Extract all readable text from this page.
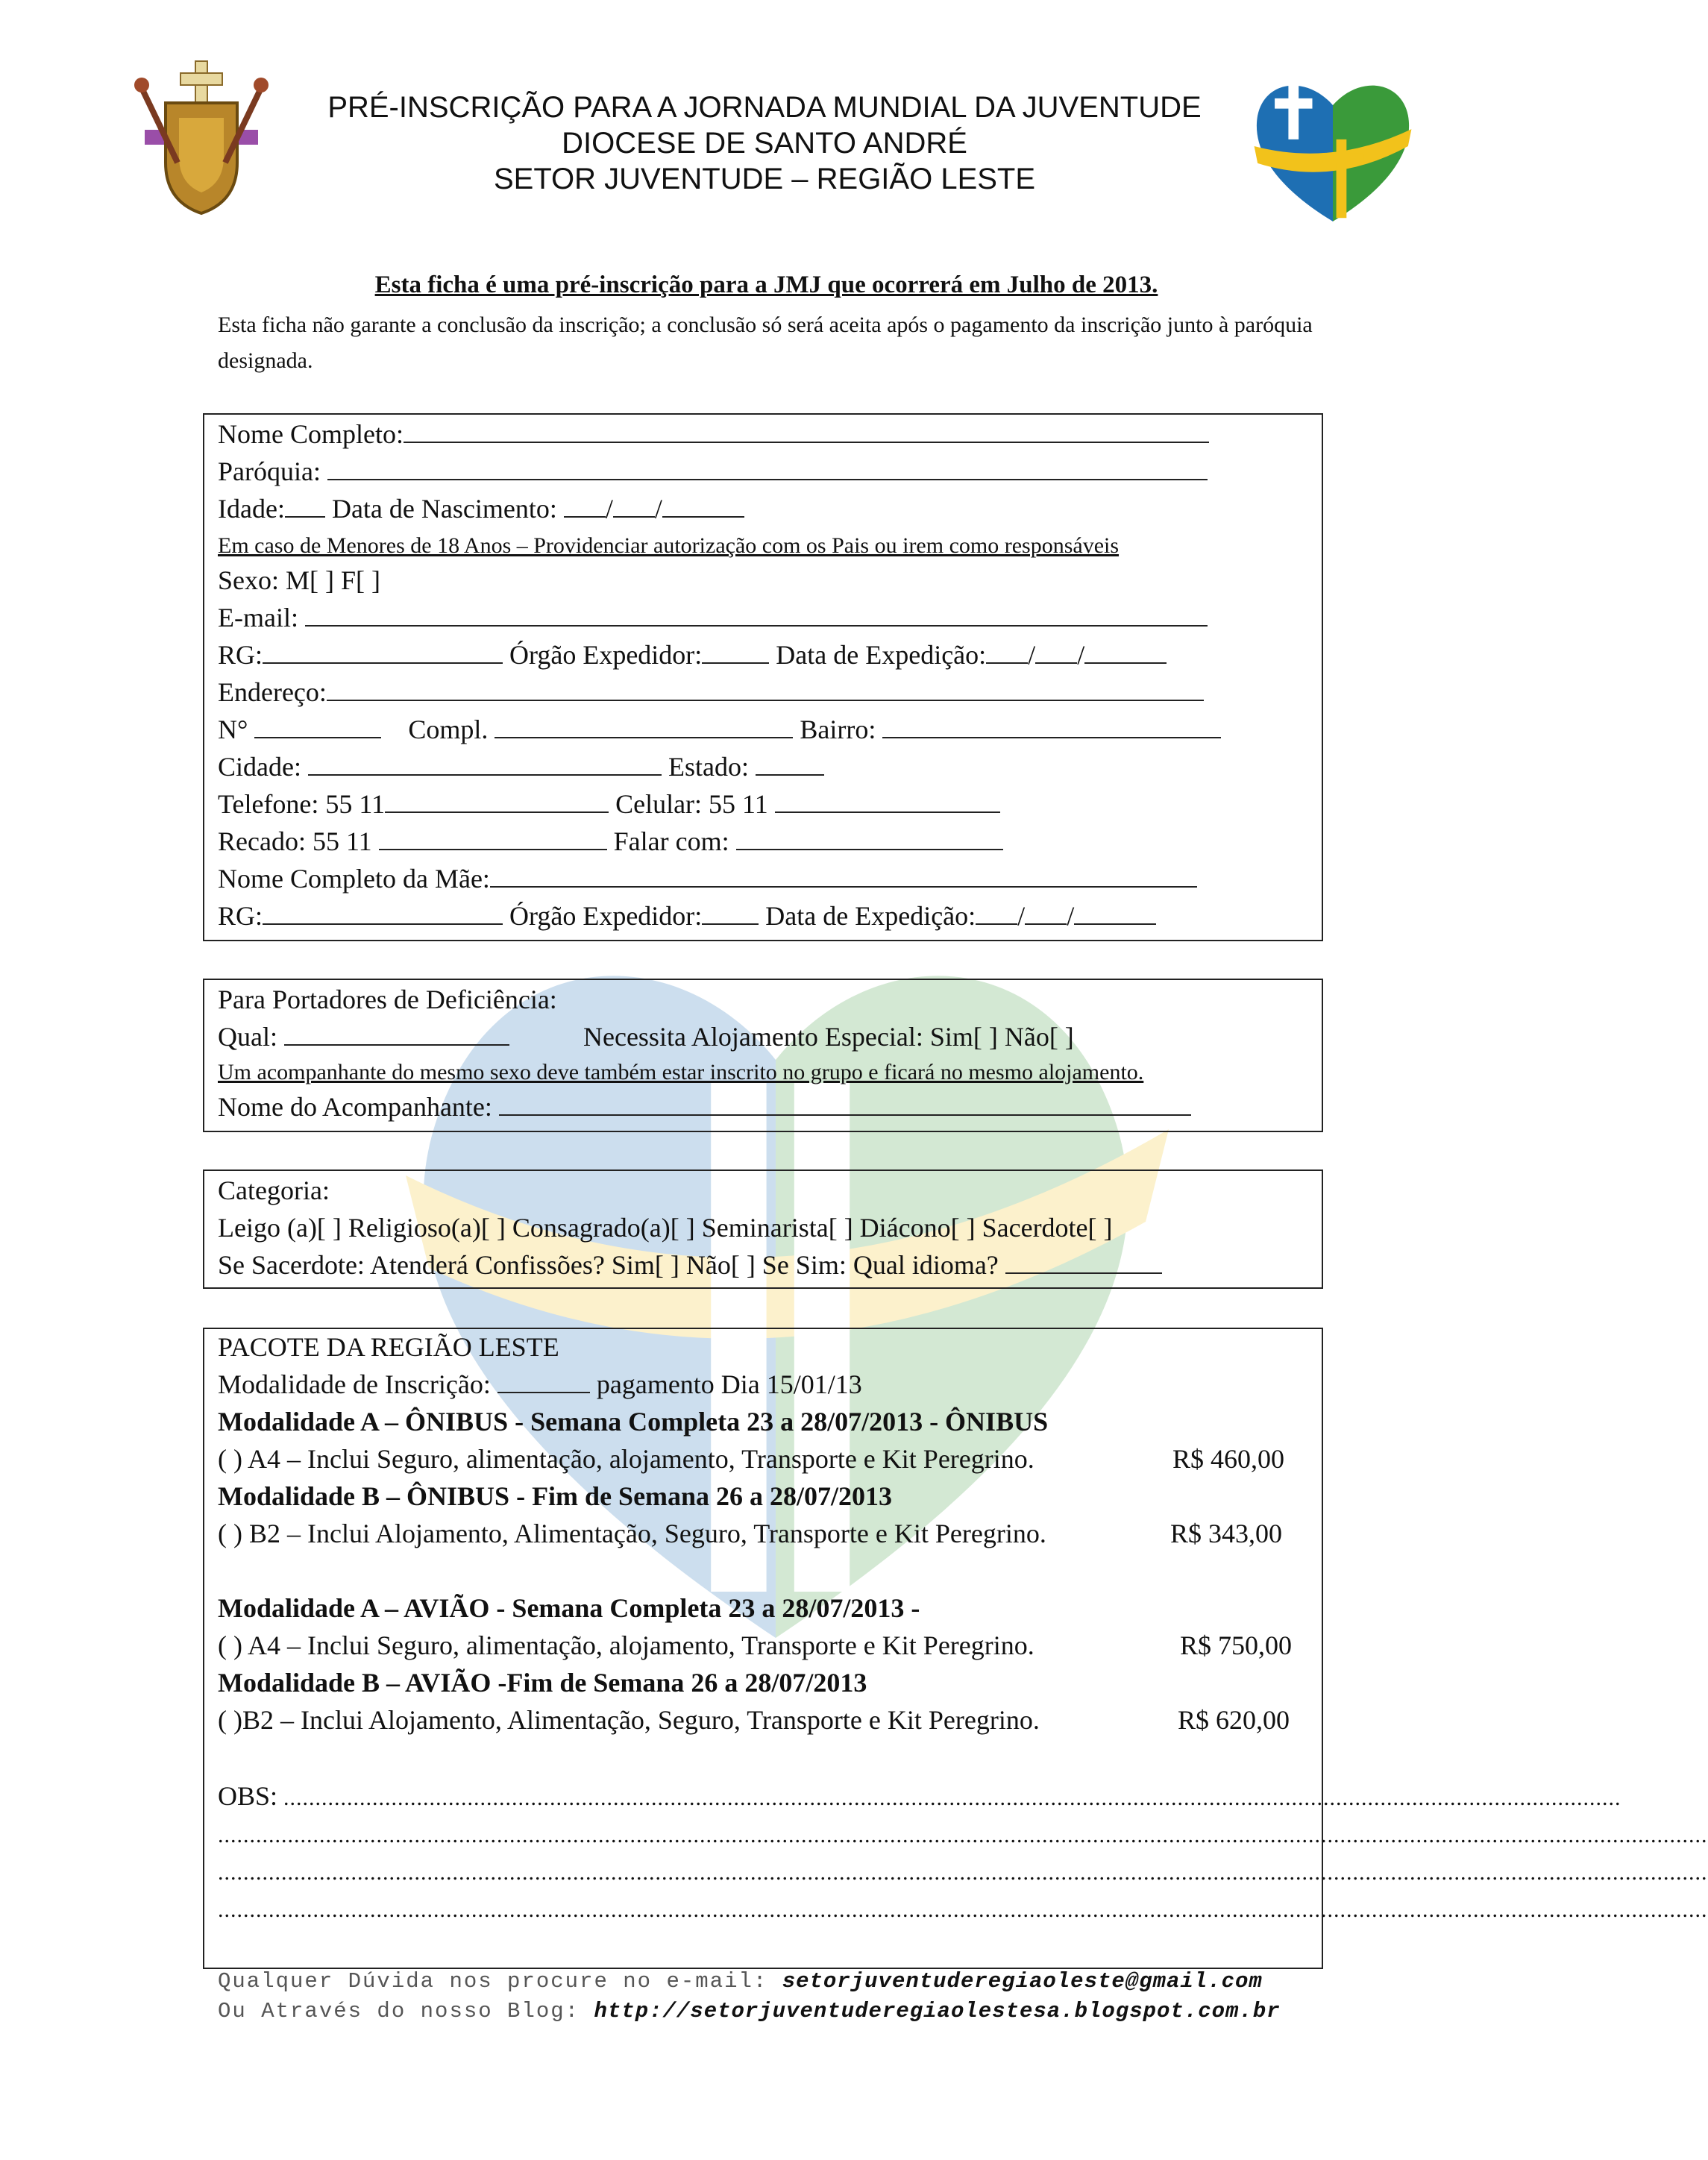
PRÉ-INSCRIÇÃO PARA A JORNADA MUNDIAL DA JUVENTUDE
DIOCESE DE SANTO ANDRÉ
SETOR JUVENTUDE – REGIÃO LESTE
Esta ficha é uma pré-inscrição para a JMJ que ocorrerá em Julho de 2013.
Esta ficha não garante a conclusão da inscrição; a conclusão só será aceita após o pagamento da inscrição junto à paróquia designada.
Nome Completo:
Paróquia:
Idade: Data de Nascimento: / /
Em caso de Menores de 18 Anos – Providenciar autorização com os Pais ou irem como responsáveis
Sexo: M[ ] F[ ]
E-mail:
RG:	Órgão Expedidor:	Data de Expedição: / /
Endereço:
N°	Compl.	Bairro:
Cidade:	Estado:
Telefone: 55 11	Celular: 55 11
Recado: 55 11	Falar com:
Nome Completo da Mãe:
RG:	Órgão Expedidor: Data de Expedição: / /
Para Portadores de Deficiência:
Qual:	Necessita Alojamento Especial: Sim[ ] Não[ ]
Um acompanhante do mesmo sexo deve também estar inscrito no grupo e ficará no mesmo alojamento.
Nome do Acompanhante:
Categoria:
Leigo (a)[ ] Religioso(a)[ ] Consagrado(a)[ ] Seminarista[ ] Diácono[ ] Sacerdote[ ]
Se Sacerdote: Atenderá Confissões? Sim[ ] Não[ ] Se Sim: Qual idioma?
PACOTE DA REGIÃO LESTE
Modalidade de Inscrição:	pagamento Dia 15/01/13
Modalidade A – ÔNIBUS - Semana Completa 23 a 28/07/2013 - ÔNIBUS
( ) A4 – Inclui Seguro, alimentação, alojamento, Transporte e Kit Peregrino.	R$ 460,00
Modalidade B – ÔNIBUS - Fim de Semana 26 a 28/07/2013
( ) B2 – Inclui Alojamento, Alimentação, Seguro, Transporte e Kit Peregrino.	R$ 343,00
Modalidade A – AVIÃO - Semana Completa 23 a 28/07/2013 -
( ) A4 – Inclui Seguro, alimentação, alojamento, Transporte e Kit Peregrino.	R$ 750,00
Modalidade B – AVIÃO -Fim de Semana 26 a 28/07/2013
( )B2 – Inclui Alojamento, Alimentação, Seguro, Transporte e Kit Peregrino.	R$ 620,00
OBS: ...................................................................................................................................................................................................................
...........................................................................................................................................................................................................................................
...........................................................................................................................................................................................................................................
...........................................................................................................................................................................................................................................
Qualquer Dúvida nos procure no e-mail: setorjuventuderegiaoleste@gmail.com
Ou Através do nosso Blog: http://setorjuventuderegiaolestesa.blogspot.com.br
